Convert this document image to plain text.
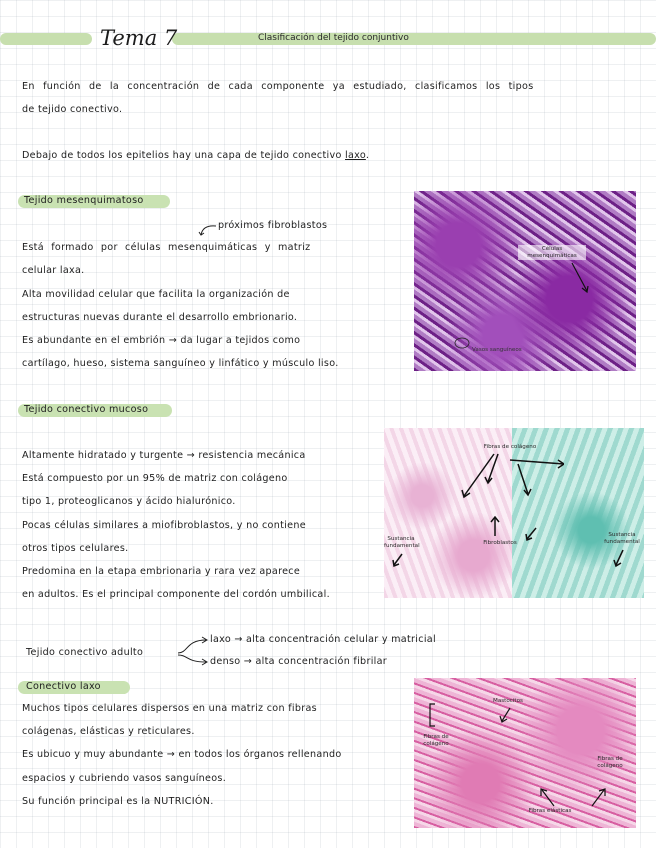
Tema 7	Clasificación del tejido conjuntivo
En función de la concentración de cada componente ya estudiado, clasificamos los tipos
de tejido conectivo.
Debajo de todos los epitelios hay una capa de tejido conectivo laxo.
Tejido mesenquimatoso
próximos fibroblastos
Está formado por células mesenquimáticas y matriz
celular laxa.
Alta movilidad celular que facilita la organización de
estructuras nuevas durante el desarrollo embrionario.
Es abundante en el embrión → da lugar a tejidos como
cartílago, hueso, sistema sanguíneo y linfático y músculo liso.
Células mesenquimáticas
Vasos sanguíneos
Tejido conectivo mucoso
Altamente hidratado y turgente → resistencia mecánica
Está compuesto por un 95% de matriz con colágeno
tipo 1, proteoglicanos y ácido hialurónico.
Pocas células similares a miofibroblastos, y no contiene
otros tipos celulares.
Predomina en la etapa embrionaria y rara vez aparece
en adultos. Es el principal componente del cordón umbilical.
Fibras de colágeno
Sustancia fundamental	Fibroblastos
Sustancia fundamental
Tejido conectivo adulto
laxo → alta concentración celular y matricial
denso → alta concentración fibrilar
Conectivo laxo
Muchos tipos celulares dispersos en una matriz con fibras
colágenas, elásticas y reticulares.
Es ubicuo y muy abundante → en todos los órganos rellenando
espacios y cubriendo vasos sanguíneos.
Su función principal es la NUTRICIÓN.
Mastocitos
Fibras de colágeno
Fibras de colágeno
Fibras elásticas
